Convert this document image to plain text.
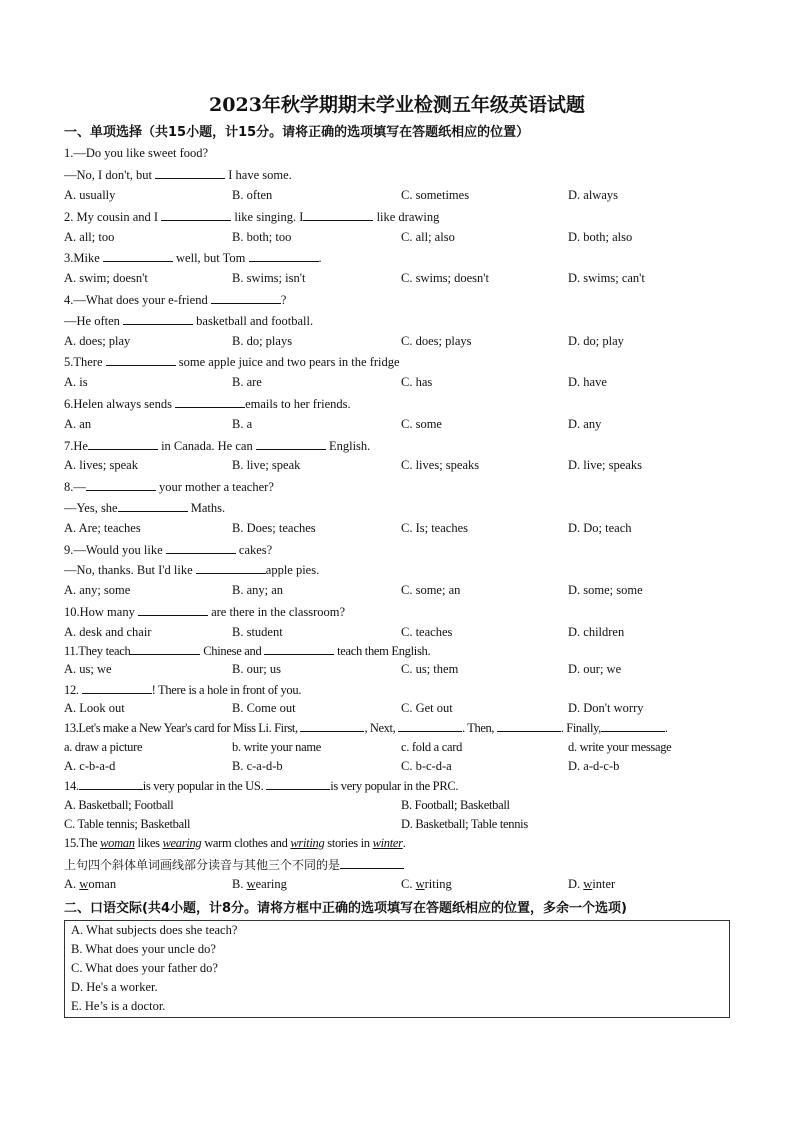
2023年秋学期期末学业检测五年级英语试题
一、单项选择（共15小题，计15分。请将正确的选项填写在答题纸相应的位置）
1.—Do you like sweet food?
—No, I don't, but	I have some.
A. usually	B. often	C. sometimes	D. always
2. My cousin and I	like singing. I	like drawing
A. all; too	B. both; too	C. all; also	D. both; also
3.Mike	well, but Tom	.
A. swim; doesn't	B. swims; isn't	C. swims; doesn't	D. swims; can't
4.—What does your e-friend	?
—He often	basketball and football.
A. does; play	B. do; plays	C. does; plays	D. do; play
5.There	some apple juice and two pears in the fridge
A. is	B. are	C. has	D. have
6.Helen always sends	emails to her friends.
A. an	B. a	C. some	D. any
7.He	in Canada. He can	English.
A. lives; speak	B. live; speak	C. lives; speaks	D. live; speaks
8.—	your mother a teacher?
—Yes, she	Maths.
A. Are; teaches	B. Does; teaches	C. Is; teaches	D. Do; teach
9.—Would you like	cakes?
—No, thanks. But I'd like	apple pies.
A. any; some	B. any; an	C. some; an	D. some; some
10.How many	are there in the classroom?
A. desk and chair	B. student	C. teaches	D. children
11.They teach	Chinese and	teach them English.
A. us; we	B. our; us	C. us; them	D. our; we
12.	! There is a hole in front of you.
A. Look out	B. Come out	C. Get out	D. Don't worry
13.Let's make a New Year's card for Miss Li. First,	, Next,	. Then,	. Finally,	.
a. draw a picture	b. write your name	c. fold a card	d. write your message
A. c-b-a-d	B. c-a-d-b	C. b-c-d-a	D. a-d-c-b
14.	is very popular in the US.	is very popular in the PRC.
A. Basketball; Football	B. Football; Basketball
C. Table tennis; Basketball	D. Basketball; Table tennis
15.The woman likes wearing warm clothes and writing stories in winter.
上句四个斜体单词画线部分读音与其他三个不同的是
A. woman	B. wearing	C. writing	D. winter
二、口语交际(共4小题，计8分。请将方框中正确的选项填写在答题纸相应的位置，多余一个选项)
A. What subjects does she teach?
B. What does your uncle do?
C. What does your father do?
D. He's a worker.
E. He’s is a doctor.
